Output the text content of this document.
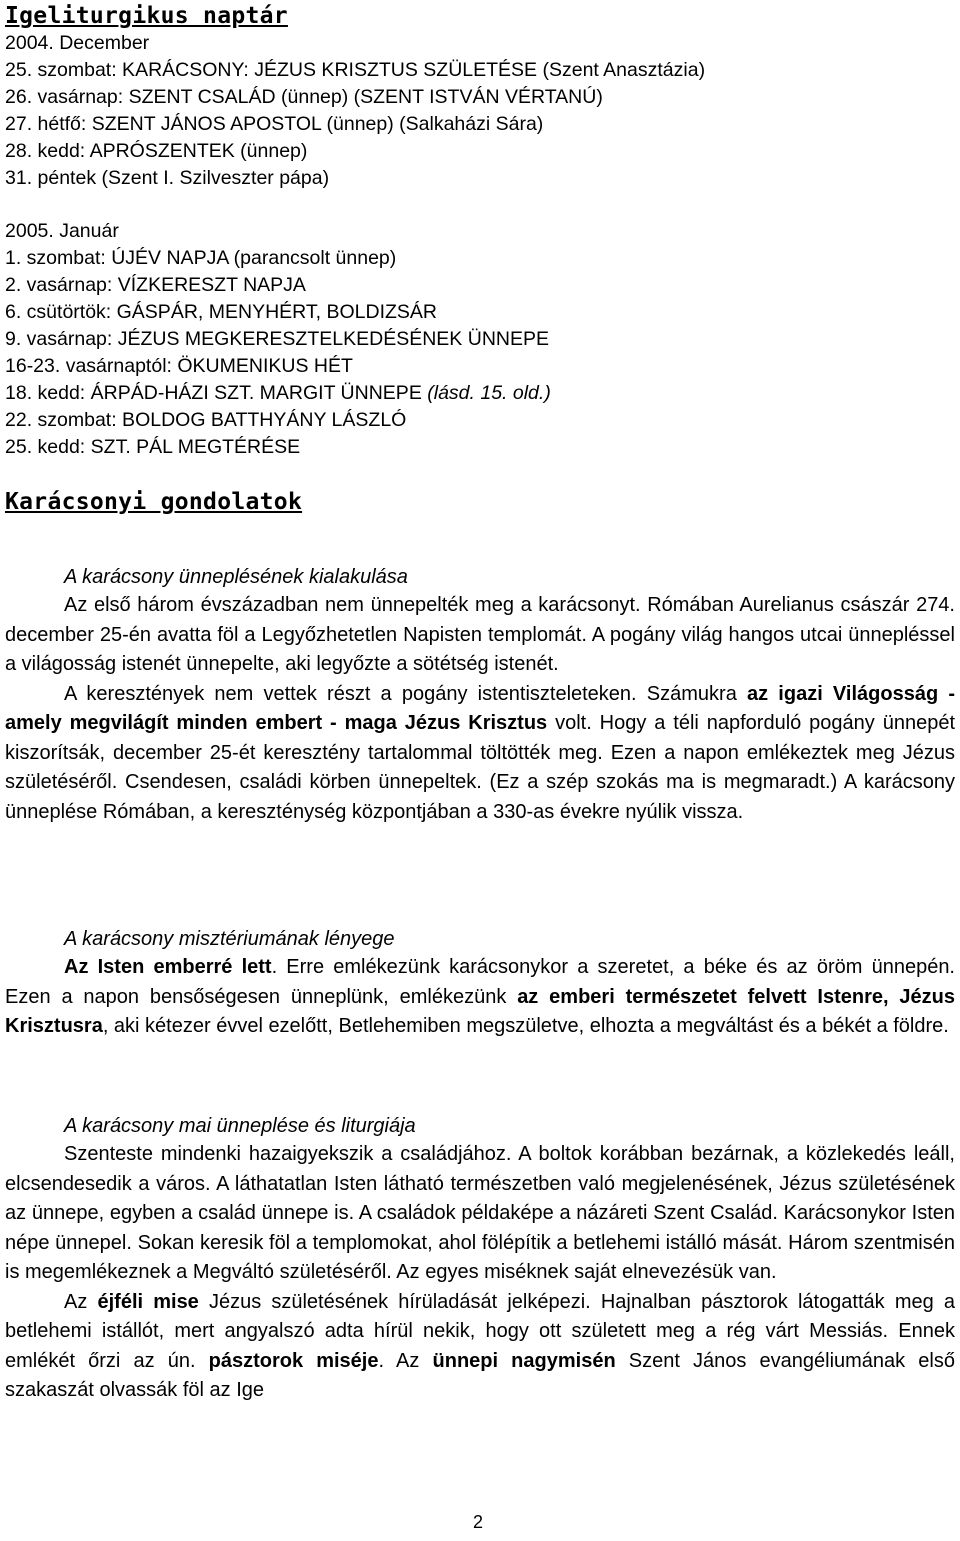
Igeliturgikus naptár
2004. December
25. szombat: KARÁCSONY: JÉZUS KRISZTUS SZÜLETÉSE (Szent Anasztázia)
26. vasárnap: SZENT CSALÁD (ünnep) (SZENT ISTVÁN VÉRTANÚ)
27. hétfő: SZENT JÁNOS APOSTOL (ünnep) (Salkaházi Sára)
28. kedd: APRÓSZENTEK (ünnep)
31. péntek (Szent I. Szilveszter pápa)
2005. Január
1. szombat: ÚJÉV NAPJA (parancsolt ünnep)
2. vasárnap: VÍZKERESZT NAPJA
6. csütörtök: GÁSPÁR, MENYHÉRT, BOLDIZSÁR
9. vasárnap: JÉZUS MEGKERESZTELKEDÉSÉNEK ÜNNEPE
16-23. vasárnaptól: ÖKUMENIKUS HÉT
18. kedd: ÁRPÁD-HÁZI SZT. MARGIT ÜNNEPE (lásd. 15. old.)
22. szombat: BOLDOG BATTHYÁNY LÁSZLÓ
25. kedd: SZT. PÁL MEGTÉRÉSE
Karácsonyi gondolatok
A karácsony ünneplésének kialakulása

Az első három évszázadban nem ünnepelték meg a karácsonyt. Rómában Aurelianus császár 274. december 25-én avatta föl a Legyőzhetetlen Napisten templomát. A pogány világ hangos utcai ünnepléssel a világosság istenét ünnepelte, aki legyőzte a sötétség istenét.

A keresztények nem vettek részt a pogány istentiszteleteken. Számukra az igazi Világosság - amely megvilágít minden embert - maga Jézus Krisztus volt. Hogy a téli napforduló pogány ünnepét kiszorítsák, december 25-ét keresztény tartalommal töltötték meg. Ezen a napon emlékeztek meg Jézus születéséről. Csendesen, családi körben ünnepeltek. (Ez a szép szokás ma is megmaradt.) A karácsony ünneplése Rómában, a kereszténység központjában a 330-as évekre nyúlik vissza.

A karácsony misztériumának lényege

Az Isten emberré lett. Erre emlékezünk karácsonykor a szeretet, a béke és az öröm ünnepén. Ezen a napon bensőségesen ünneplünk, emlékezünk az emberi természetet felvett Istenre, Jézus Krisztusra, aki kétezer évvel ezelőtt, Betlehemiben megszületve, elhozta a megváltást és a békét a földre.

A karácsony mai ünneplése és liturgiája

Szenteste mindenki hazaigyekszik a családjához. A boltok korábban bezárnak, a közlekedés leáll, elcsendesedik a város. A láthatatlan Isten látható természetben való megjelenésének, Jézus születésének az ünnepe, egyben a család ünnepe is. A családok példaképe a názáreti Szent Család. Karácsonykor Isten népe ünnepel. Sokan keresik föl a templomokat, ahol fölépítik a betlehemi istálló mását. Három szentmisén is megemlékeznek a Megváltó születéséről. Az egyes miséknek saját elnevezésük van.

Az éjféli mise Jézus születésének hírüladását jelképezi. Hajnalban pásztorok látogatták meg a betlehemi istállót, mert angyalszó adta hírül nekik, hogy ott született meg a rég várt Messiás. Ennek emlékét őrzi az ún. pásztorok miséje. Az ünnepi nagymisén Szent János evangéliumának első szakaszát olvassák föl az Ige

2
